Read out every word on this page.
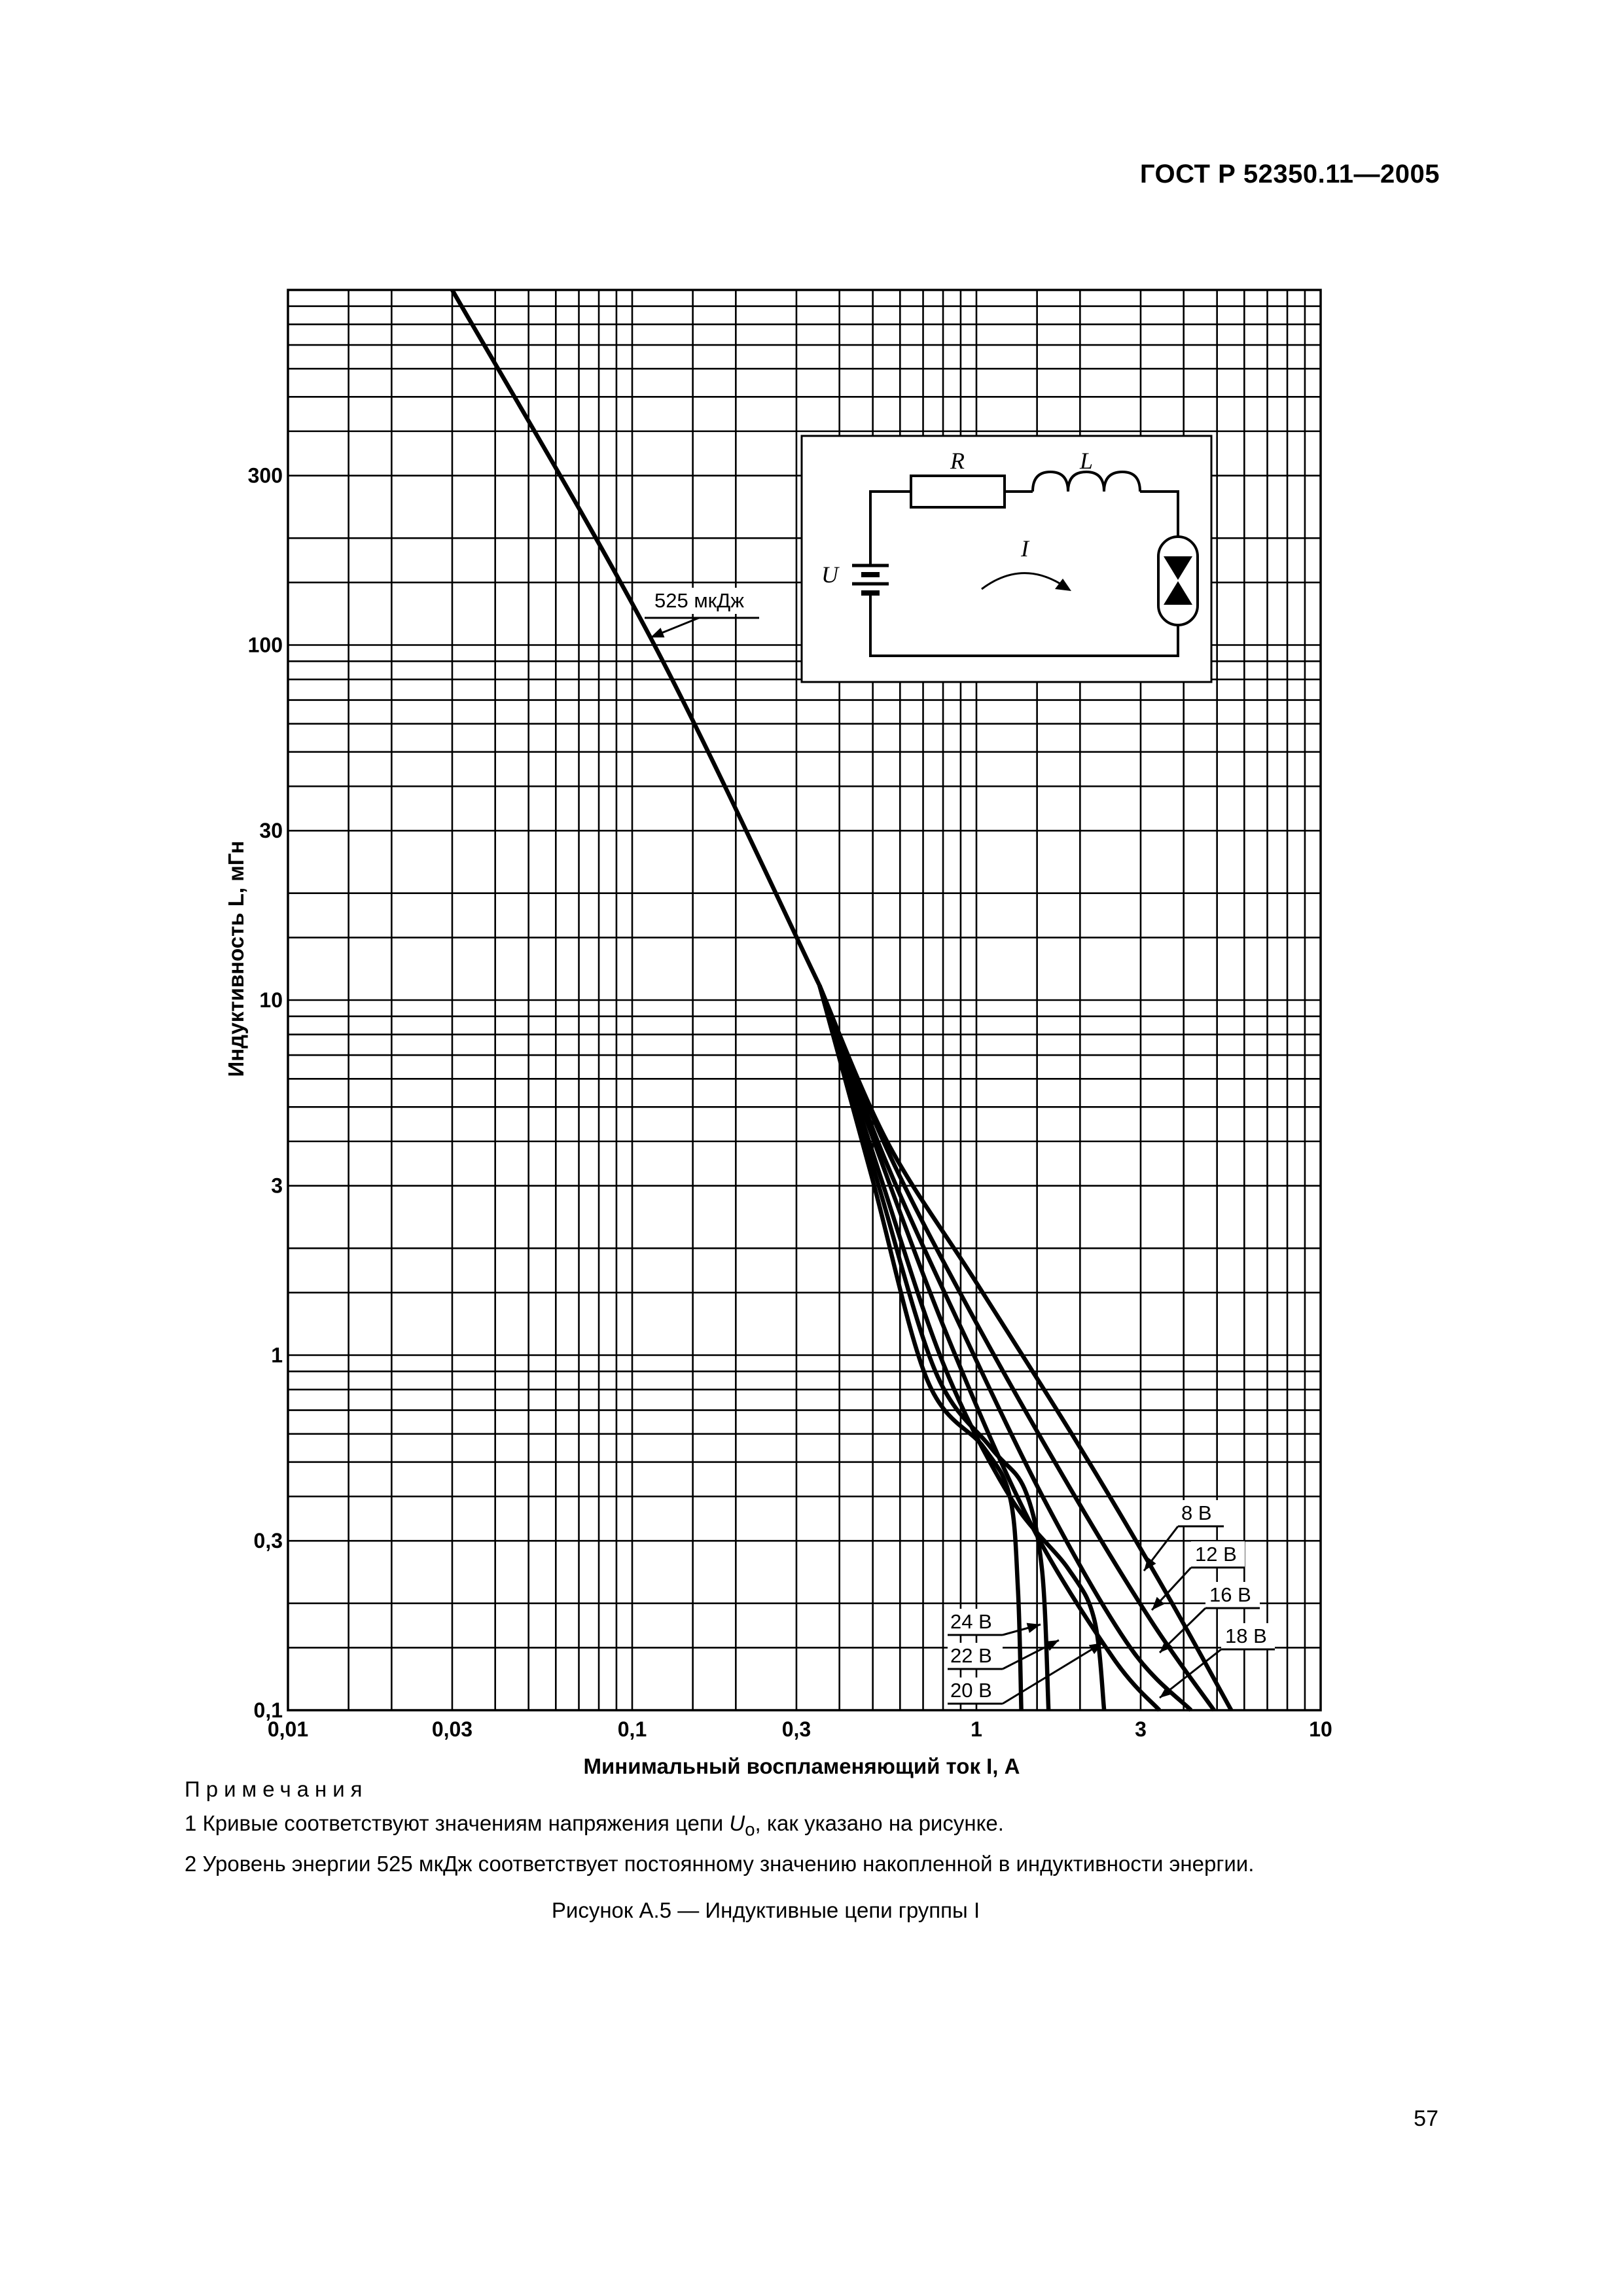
ГОСТ Р 52350.11—2005
R	L
U
I
525 мкДж
8 В
12 В
16 В
18 В
24 В
22 В
20 В
0,01	0,03	0,1	0,3	1	3	10
0,1
0,3
1
3
10
30
100
300
Минимальный воспламеняющий ток I, А
Индуктивность L, мГн
Примечания
1 Кривые соответствуют значениям напряжения цепи $U_o$, как указано на рисунке.
2 Уровень энергии 525 мкДж соответствует постоянному значению накопленной в индуктивности энергии.
Рисунок А.5 — Индуктивные цепи группы I
57
